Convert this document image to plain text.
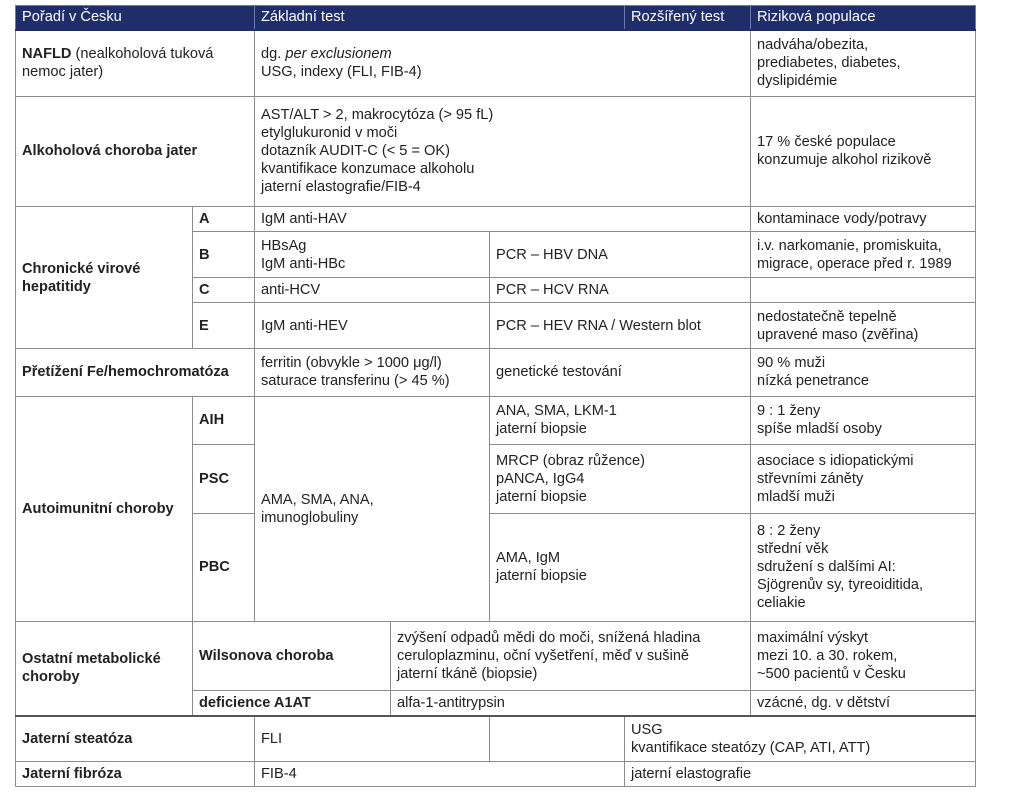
Pořadí v Česku		Základní test			Rozšířený test	Riziková populace
NAFLD (nealkoholová tuková nemoc jater)		dg. per exclusionem
USG, indexy (FLI, FIB-4)				nadváha/obezita,
prediabetes, diabetes,
dyslipidémie

Alkoholová choroba jater		AST/ALT > 2, makrocytóza (> 95 fL)
etylglukuronid v moči
dotazník AUDIT-C (< 5 = OK)
kvantifikace konzumace alkoholu
jaterní elastografie/FIB-4				17 % české populace
konzumuje alkohol rizikově

Chronické virové hepatitidy	A	IgM anti-HAV				kontaminace vody/potravy
	B	HBsAg
IgM anti-HBc		PCR – HBV DNA		i.v. narkomanie, promiskuita,
migrace, operace před r. 1989

	C	anti-HCV		PCR – HCV RNA		
	E	IgM anti-HEV		PCR – HEV RNA / Western blot		nedostatečně tepelně
upravené maso (zvěřina)

Přetížení Fe/hemochromatóza		ferritin (obvykle > 1000 μg/l)
saturace transferinu (> 45 %)		genetické testování		90 % muži
nízká penetrance

Autoimunitní choroby	AIH	AMA, SMA, ANA,
imunoglobuliny		ANA, SMA, LKM-1
jaterní biopsie		9 : 1 ženy
spíše mladší osoby

	PSC			MRCP (obraz růžence)
pANCA, IgG4
jaterní biopsie		asociace s idiopatickými
střevními záněty
mladší muži

	PBC			AMA, IgM
jaterní biopsie		8 : 2 ženy
střední věk
sdružení s dalšími AI:
Sjögrenův sy, tyreoiditida,
celiakie

Ostatní metabolické choroby	Wilsonova choroba		zvýšení odpadů mědi do moči, snížená hladina
ceruloplazminu, oční vyšetření, měď v sušině
jaterní tkáně (biopsie)			maximální výskyt
mezi 10. a 30. rokem,
~500 pacientů v Česku

	deficience A1AT		alfa-1-antitrypsin			vzácné, dg. v dětství
Jaterní steatóza		FLI			USG
kvantifikace steatózy (CAP, ATI, ATT)	

Jaterní fibróza		FIB-4			jaterní elastografie	
